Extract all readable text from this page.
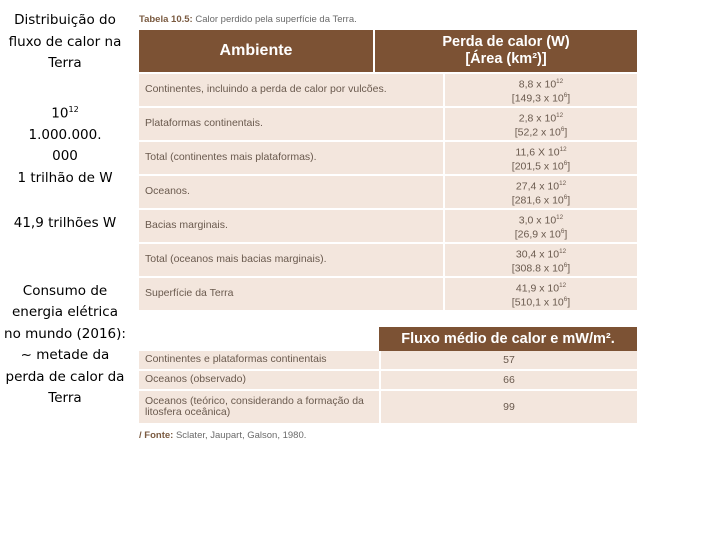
Distribuição do fluxo de calor na Terra

$10^{12}$

1.000.000.

000

1 trilhão de W

41,9 trilhões W

Consumo de energia elétrica no mundo (2016): ~ metade da perda de calor da Terra

Tabela 10.5: Calor perdido pela superfície da Terra.
Ambiente	Perda de calor (W)
[Área (km²)]
Continentes, incluindo a perda de calor por vulcões.	8,8 x $10^{12}$
[149,3 x $10^6$]
Plataformas continentais.	2,8 x $10^{12}$
[52,2 x $10^6$]
Total (continentes mais plataformas).	11,6 X $10^{12}$
[201,5 x $10^6$]
Oceanos.	27,4 x $10^{12}$
[281,6 x $10^6$]
Bacias marginais.	3,0 x $10^{12}$
[26,9 x $10^6$]
Total (oceanos mais bacias marginais).	30,4 x $10^{12}$
[308.8 x $10^6$]
Superfície da Terra	41,9 x $10^{12}$
[510,1 x $10^6$]
Fluxo médio de calor e mW/m².
Continentes e plataformas continentais	57
Oceanos (observado)	66
Oceanos (teórico, considerando a formação da litosfera oceânica)	99
/ Fonte: Sclater, Jaupart, Galson, 1980.
